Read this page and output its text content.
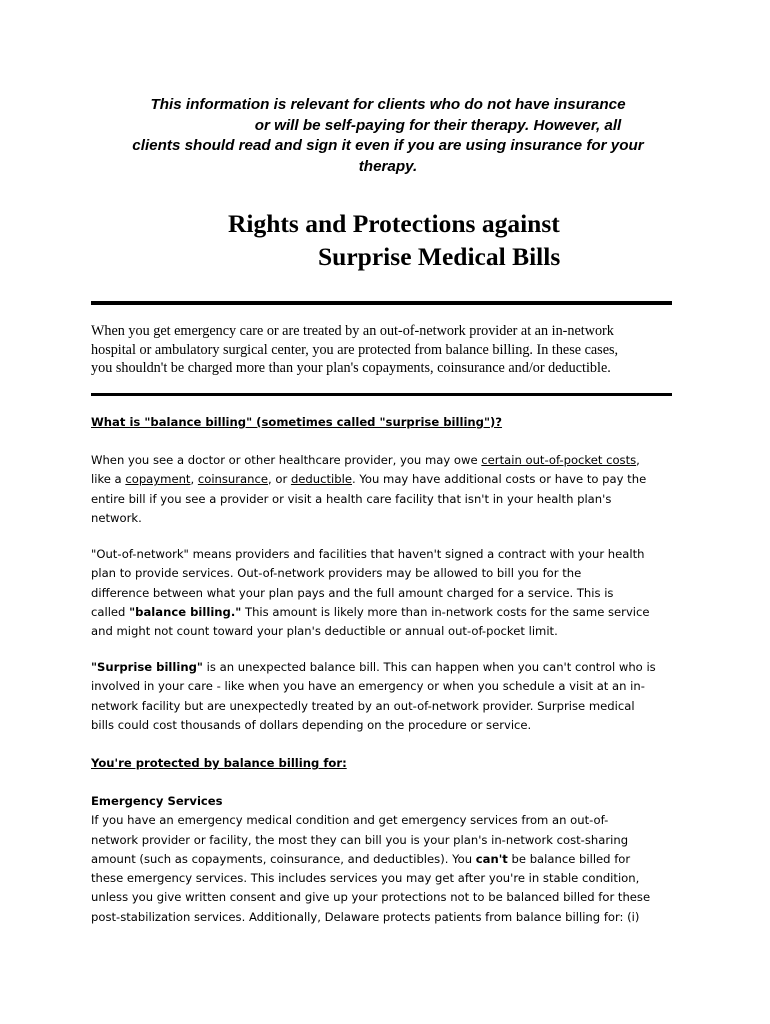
This information is relevant for clients who do not have insurance
or will be self-paying for their therapy. However, all
clients should read and sign it even if you are using insurance for your
therapy.
Rights and Protections against
Surprise Medical Bills
When you get emergency care or are treated by an out-of-network provider at an in-network
hospital or ambulatory surgical center, you are protected from balance billing. In these cases,
you shouldn't be charged more than your plan's copayments, coinsurance and/or deductible.
What is "balance billing" (sometimes called "surprise billing")?
When you see a doctor or other healthcare provider, you may owe certain out-of-pocket costs,
like a copayment, coinsurance, or deductible. You may have additional costs or have to pay the
entire bill if you see a provider or visit a health care facility that isn't in your health plan's
network.
"Out-of-network" means providers and facilities that haven't signed a contract with your health
plan to provide services. Out-of-network providers may be allowed to bill you for the
difference between what your plan pays and the full amount charged for a service. This is
called "balance billing." This amount is likely more than in-network costs for the same service
and might not count toward your plan's deductible or annual out-of-pocket limit.
"Surprise billing" is an unexpected balance bill. This can happen when you can't control who is
involved in your care - like when you have an emergency or when you schedule a visit at an in-
network facility but are unexpectedly treated by an out-of-network provider. Surprise medical
bills could cost thousands of dollars depending on the procedure or service.
You're protected by balance billing for:
Emergency Services
If you have an emergency medical condition and get emergency services from an out-of-
network provider or facility, the most they can bill you is your plan's in-network cost-sharing
amount (such as copayments, coinsurance, and deductibles). You can't be balance billed for
these emergency services. This includes services you may get after you're in stable condition,
unless you give written consent and give up your protections not to be balanced billed for these
post-stabilization services. Additionally, Delaware protects patients from balance billing for: (i)
